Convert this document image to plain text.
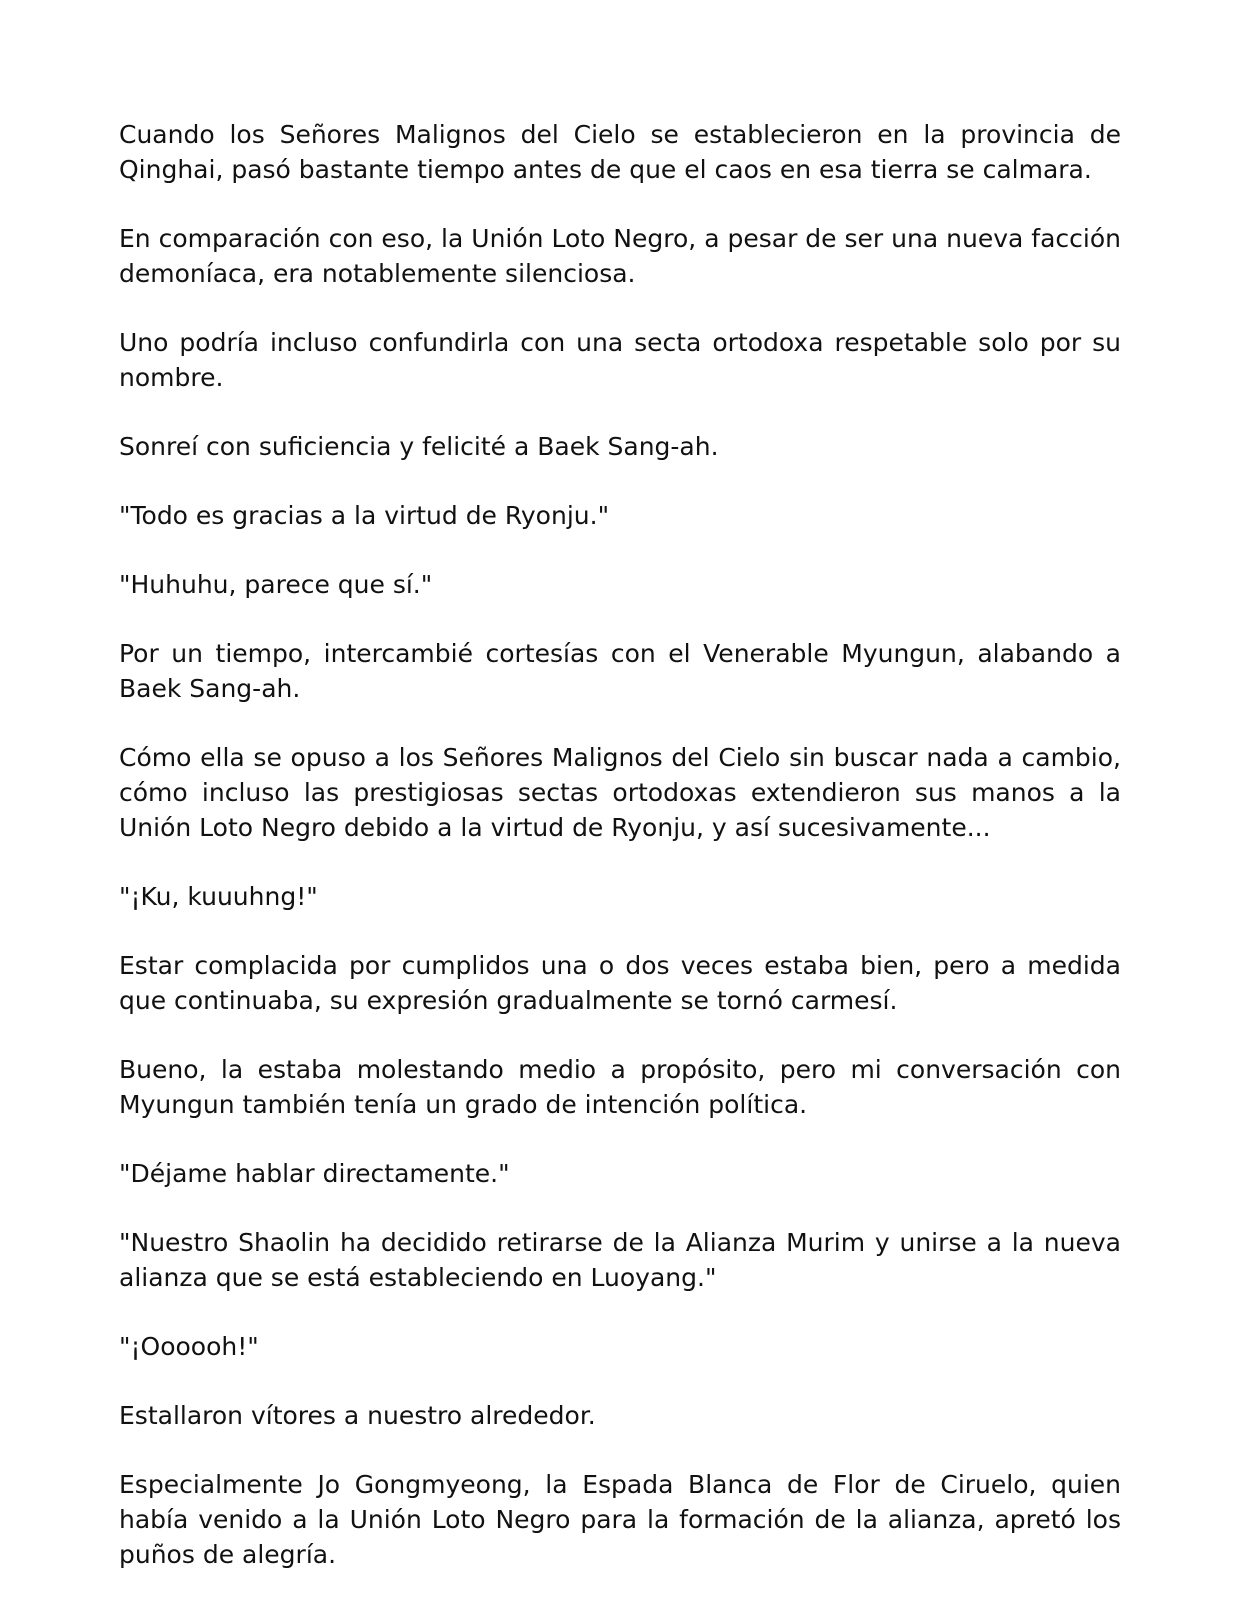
Cuando los Señores Malignos del Cielo se establecieron en la provincia de Qinghai, pasó bastante tiempo antes de que el caos en esa tierra se calmara.

En comparación con eso, la Unión Loto Negro, a pesar de ser una nueva facción demoníaca, era notablemente silenciosa.

Uno podría incluso confundirla con una secta ortodoxa respetable solo por su nombre.

Sonreí con suficiencia y felicité a Baek Sang-ah.

"Todo es gracias a la virtud de Ryonju."

"Huhuhu, parece que sí."

Por un tiempo, intercambié cortesías con el Venerable Myungun, alabando a Baek Sang-ah.

Cómo ella se opuso a los Señores Malignos del Cielo sin buscar nada a cambio, cómo incluso las prestigiosas sectas ortodoxas extendieron sus manos a la Unión Loto Negro debido a la virtud de Ryonju, y así sucesivamente...

"¡Ku, kuuuhng!"

Estar complacida por cumplidos una o dos veces estaba bien, pero a medida que continuaba, su expresión gradualmente se tornó carmesí.

Bueno, la estaba molestando medio a propósito, pero mi conversación con Myungun también tenía un grado de intención política.

"Déjame hablar directamente."

"Nuestro Shaolin ha decidido retirarse de la Alianza Murim y unirse a la nueva alianza que se está estableciendo en Luoyang."

"¡Oooooh!"

Estallaron vítores a nuestro alrededor.

Especialmente Jo Gongmyeong, la Espada Blanca de Flor de Ciruelo, quien había venido a la Unión Loto Negro para la formación de la alianza, apretó los puños de alegría.
